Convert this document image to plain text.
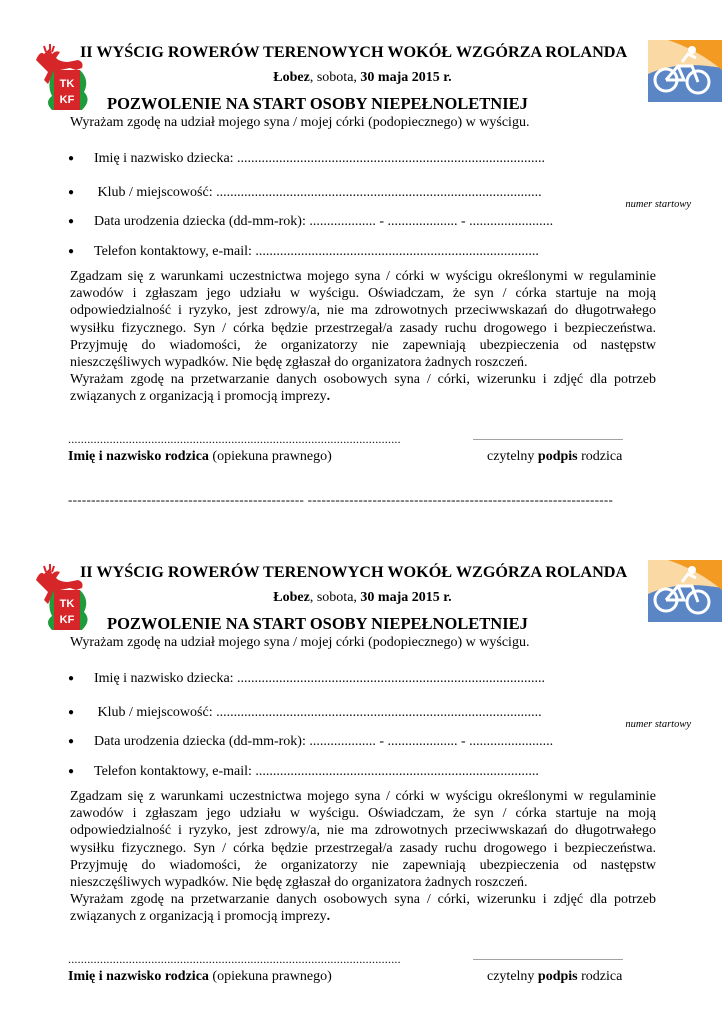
TK
KF
II WYŚCIG ROWERÓW TERENOWYCH WOKÓŁ WZGÓRZA ROLANDA
Łobez, sobota, 30 maja 2015 r.
POZWOLENIE NA START OSOBY NIEPEŁNOLETNIEJ
Wyrażam zgodę na udział mojego syna / mojej córki (podopiecznego) w wyścigu.
● Imię i nazwisko dziecka: ........................................................................................
● Klub / miejscowość: .............................................................................................
numer startowy
● Data urodzenia dziecka (dd-mm-rok): ................... - .................... - ........................
● Telefon kontaktowy, e-mail: .................................................................................

Zgadzam się z warunkami uczestnictwa mojego syna / córki w wyścigu określonymi w regulaminie zawodów i zgłaszam jego udziału w wyścigu. Oświadczam, że syn / córka startuje na moją odpowiedzialność i ryzyko, jest zdrowy/a, nie ma zdrowotnych przeciwwskazań do długotrwałego wysiłku fizycznego. Syn / córka będzie przestrzegał/a zasady ruchu drogowego i bezpieczeństwa. Przyjmuję do wiadomości, że organizatorzy nie zapewniają ubezpieczenia od następstw nieszczęśliwych wypadków. Nie będę zgłaszał do organizatora żadnych roszczeń.

Wyrażam zgodę na przetwarzanie danych osobowych syna / córki, wizerunku i zdjęć dla potrzeb związanych z organizacją i promocją imprezy.

........................................................................................................	...........................................................................
Imię i nazwisko rodzica (opiekuna prawnego)	czytelny podpis rodzica
--------------------------------------------------- ------------------------------------------------------------------
TK
KF
II WYŚCIG ROWERÓW TERENOWYCH WOKÓŁ WZGÓRZA ROLANDA
Łobez, sobota, 30 maja 2015 r.
POZWOLENIE NA START OSOBY NIEPEŁNOLETNIEJ
Wyrażam zgodę na udział mojego syna / mojej córki (podopiecznego) w wyścigu.
● Imię i nazwisko dziecka: ........................................................................................
● Klub / miejscowość: .............................................................................................
numer startowy
● Data urodzenia dziecka (dd-mm-rok): ................... - .................... - ........................
● Telefon kontaktowy, e-mail: .................................................................................

Zgadzam się z warunkami uczestnictwa mojego syna / córki w wyścigu określonymi w regulaminie zawodów i zgłaszam jego udziału w wyścigu. Oświadczam, że syn / córka startuje na moją odpowiedzialność i ryzyko, jest zdrowy/a, nie ma zdrowotnych przeciwwskazań do długotrwałego wysiłku fizycznego. Syn / córka będzie przestrzegał/a zasady ruchu drogowego i bezpieczeństwa. Przyjmuję do wiadomości, że organizatorzy nie zapewniają ubezpieczenia od następstw nieszczęśliwych wypadków. Nie będę zgłaszał do organizatora żadnych roszczeń.

Wyrażam zgodę na przetwarzanie danych osobowych syna / córki, wizerunku i zdjęć dla potrzeb związanych z organizacją i promocją imprezy.

........................................................................................................	...........................................................................
Imię i nazwisko rodzica (opiekuna prawnego)	czytelny podpis rodzica
